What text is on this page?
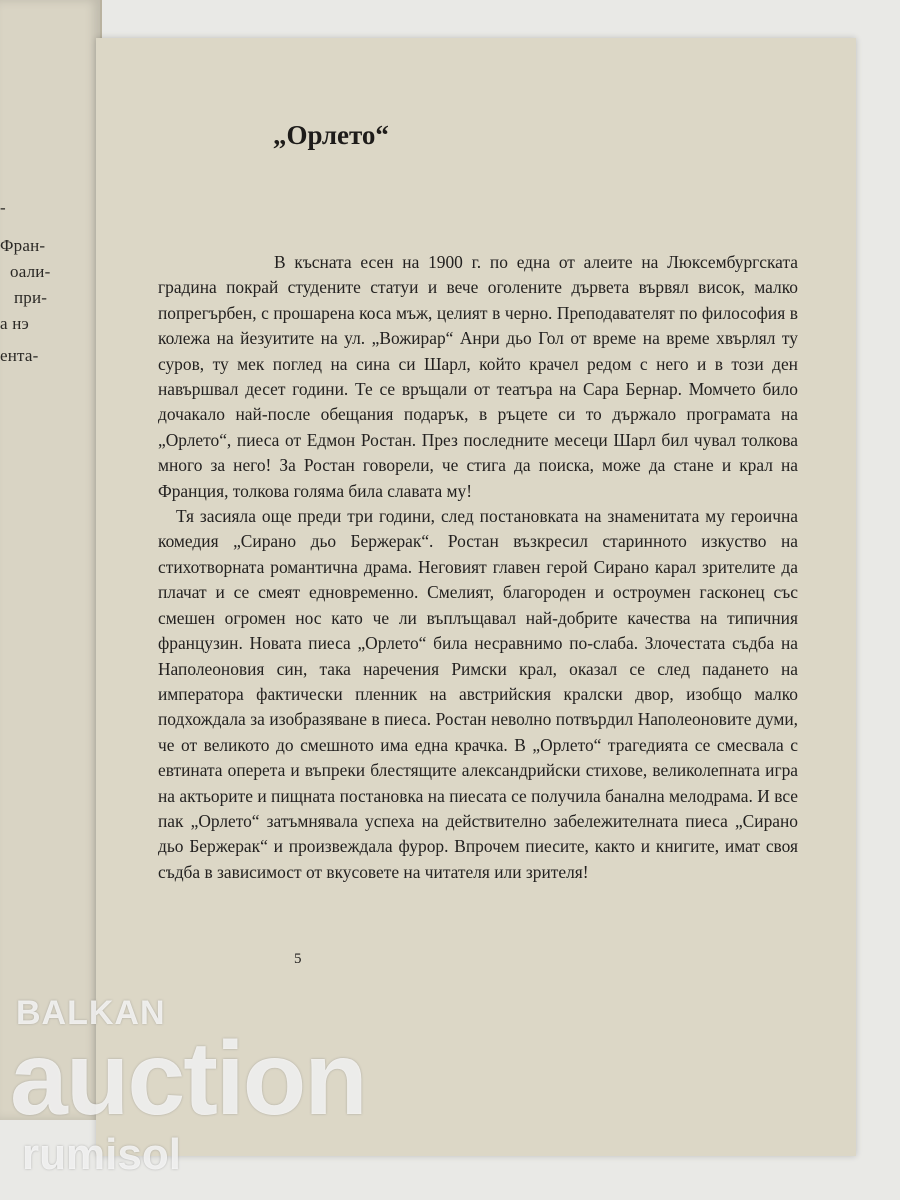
-
Фран-
оали-
при-
а нэ
ента-
„Орлето“

В късната есен на 1900 г. по една от алеите на Люксембургската градина покрай студените статуи и вече оголените дървета вървял висок, малко попрегърбен, с прошарена коса мъж, целият в черно. Преподавателят по философия в колежа на йезуитите на ул. „Вожирар“ Анри дьо Гол от време на време хвърлял ту суров, ту мек поглед на сина си Шарл, който крачел редом с него и в този ден навършвал десет години. Те се връщали от театъра на Сара Бернар. Момчето било дочакало най-после обещания подарък, в ръцете си то държало програмата на „Орлето“, пиеса от Едмон Ростан. През последните месеци Шарл бил чувал толкова много за него! За Ростан говорели, че стига да поиска, може да стане и крал на Франция, толкова голяма била славата му!

Тя засияла още преди три години, след постановката на знаменитата му героична комедия „Сирано дьо Бержерак“. Ростан възкресил старинното изкуство на стихотворната романтична драма. Неговият главен герой Сирано карал зрителите да плачат и се смеят едновременно. Смелият, благороден и остроумен гасконец със смешен огромен нос като че ли въплъщавал най-добрите качества на типичния французин. Новата пиеса „Орлето“ била несравнимо по-слаба. Злочестата съдба на Наполеоновия син, така наречения Римски крал, оказал се след падането на императора фактически пленник на австрийския кралски двор, изобщо малко подхождала за изобразяване в пиеса. Ростан неволно потвърдил Наполеоновите думи, че от великото до смешното има една крачка. В „Орлето“ трагедията се смесвала с евтината оперета и въпреки блестящите александрийски стихове, великолепната игра на актьорите и пищната постановка на пиесата се получила банална мелодрама. И все пак „Орлето“ затъмнявала успеха на действително забележителната пиеса „Сирано дьо Бержерак“ и произвеждала фурор. Впрочем пиесите, както и книгите, имат своя съдба в зависимост от вкусовете на читателя или зрителя!

5
BALKAN
auction
rumisol
